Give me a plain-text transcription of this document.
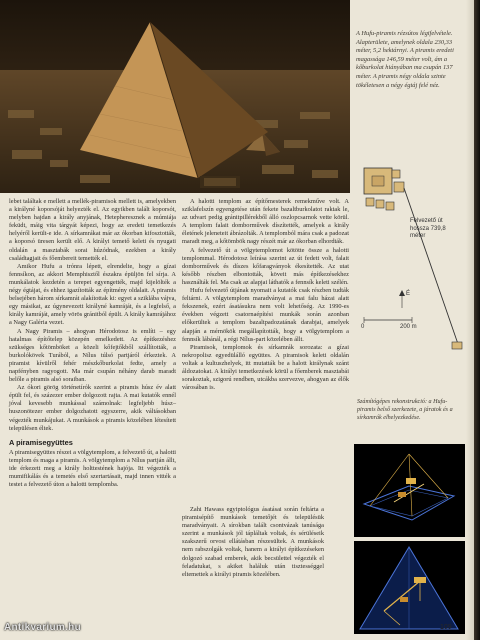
A Hufu-piramis rézsútos légifelvétele. Alapterülete, amelynek oldala 230,33 méter, 5,2 hektárnyi. A piramis eredeti magassága 146,59 méter volt, ám a kőburkolat hiányában ma csupán 137 méter. A piramis négy oldala szinte tökéletesen a négy égtáj felé néz.
Felvezető út hossza 739,8 méter
É
0	200 m

lebet találtak e mellett a mellék-piramisok mellett is, amelyekben a királyné koporsóját helyezték el. Az egyikben talált koporsót, melyben hajdan a király anyjának, Hetepheresznek a múmiája feküdt, máig vita tárgyát képezi, hogy az eredeti temetkezés helyéről került-e ide. A sírkamrákat már az ókorban kifosztották, a koporsó üresen került elő. A királyi temető keleti és nyugati oldalán a masztabák sorai húzódnak, ezekben a király családtagjait és főembereit temették el.

Amikor Hufu a trónra lépett, elrendelte, hogy a gízai fennsíkon, az akkori Memphisztől északra épüljön fel sírja. A munkálatok kezdetén a terepet egyengették, majd kijelölték a négy égtájat, és ehhez igazították az építmény oldalait. A piramis belsejében három sírkamrát alakítottak ki: egyet a sziklába vájva, egy másikat, az úgynevezett királyné kamráját, és a legfelső, a király kamráját, amely vörös gránitból épült. A király kamrájához a Nagy Galéria vezet.

A Nagy Piramis – ahogyan Hérodotosz is említi – egy hatalmas építőtelep közepén emelkedett. Az építkezéshez szükséges kőtömböket a közeli kőfejtőkből szállították, a burkolókövek Turából, a Nílus túlsó partjáról érkeztek. A piramist kívülről fehér mészkőburkolat fedte, amely a napfényben ragyogott. Ma már csupán néhány darab maradt belőle a piramis alsó soraiban.

Az ókori görög történetírók szerint a piramis húsz év alatt épült fel, és százezer ember dolgozott rajta. A mai kutatók ennél jóval kevesebb munkással számolnak: legfeljebb húsz–huszonötezer ember dolgozhatott egyszerre, akik váltásokban végezték munkájukat. A munkások a piramis közelében létesített településen éltek.

A piramisegyüttes

A piramisegyüttes részei a völgytemplom, a felvezető út, a halotti templom és maga a piramis. A völgytemplom a Nílus partján állt, ide érkezett meg a király holttestének hajója. Itt végezték a mumifikálás és a temetés első szertartásait, majd innen vitték a testet a felvezető úton a halotti templomba.

A halotti templom az építőmesterek remekműve volt. A sziklafelszín egyengetése után fekete bazaltburkolatot raktak le, az udvart pedig gránitpillérekből álló oszlopcsarnok vette körül. A templom falait domborművek díszítették, amelyek a király életének jeleneteit ábrázolták. A templomból mára csak a padozat maradt meg, a kőtömbök nagy részét már az ókorban elhordták.

A felvezető út a völgytemplomot kötötte össze a halotti templommal. Hérodotosz leírása szerint az út fedett volt, falait domborművek és díszes kőfaragványok ékesítették. Az utat később részben elbontották, köveit más építkezésekhez használták fel. Ma csak az alapjai láthatók a fennsík keleti szélén.

Hufu felvezető útjának nyomait a kutatók csak részben tudták feltárni. A völgytemplom maradványai a mai falu házai alatt fekszenek, ezért ásatásukra nem volt lehetőség. Az 1990-es években végzett csatornaépítési munkák során azonban előkerültek a templom bazaltpadozatának darabjai, amelyek alapján a mérnökök megállapították, hogy a völgytemplom a fennsík lábánál, a régi Nílus-part közelében állt.

Piramisok, templomok és sírkamrák sorozata: a gízai nekropolisz egyedülálló együttes. A piramisok keleti oldalán voltak a kultuszhelyek, itt mutatták be a halott királynak szánt áldozatokat. A királyi temetkezések körül a főemberek masztabái sorakoztak, szigorú rendben, utcákba szervezve, ahogyan az élők városában is.

Zahi Hawass egyiptológus ásatásai során feltárta a piramisépítő munkások temetőjét és településük maradványait. A sírokban talált csontvázak tanúsága szerint a munkások jól tápláltak voltak, és sérüléseik szakszerű orvosi ellátásban részesültek. A munkások nem rabszolgák voltak, hanem a királyi építkezéseken dolgozó szabad emberek, akik becsülettel végezték el feladatukat, s akiket haláluk után tisztességgel eltemettek a királyi piramis közelében.

Számítógépes rekonstrukció: a Hufu-piramis belső szerkezete, a járatok és a sírkamrák elhelyezkedése.
109
Antikvarium.hu
